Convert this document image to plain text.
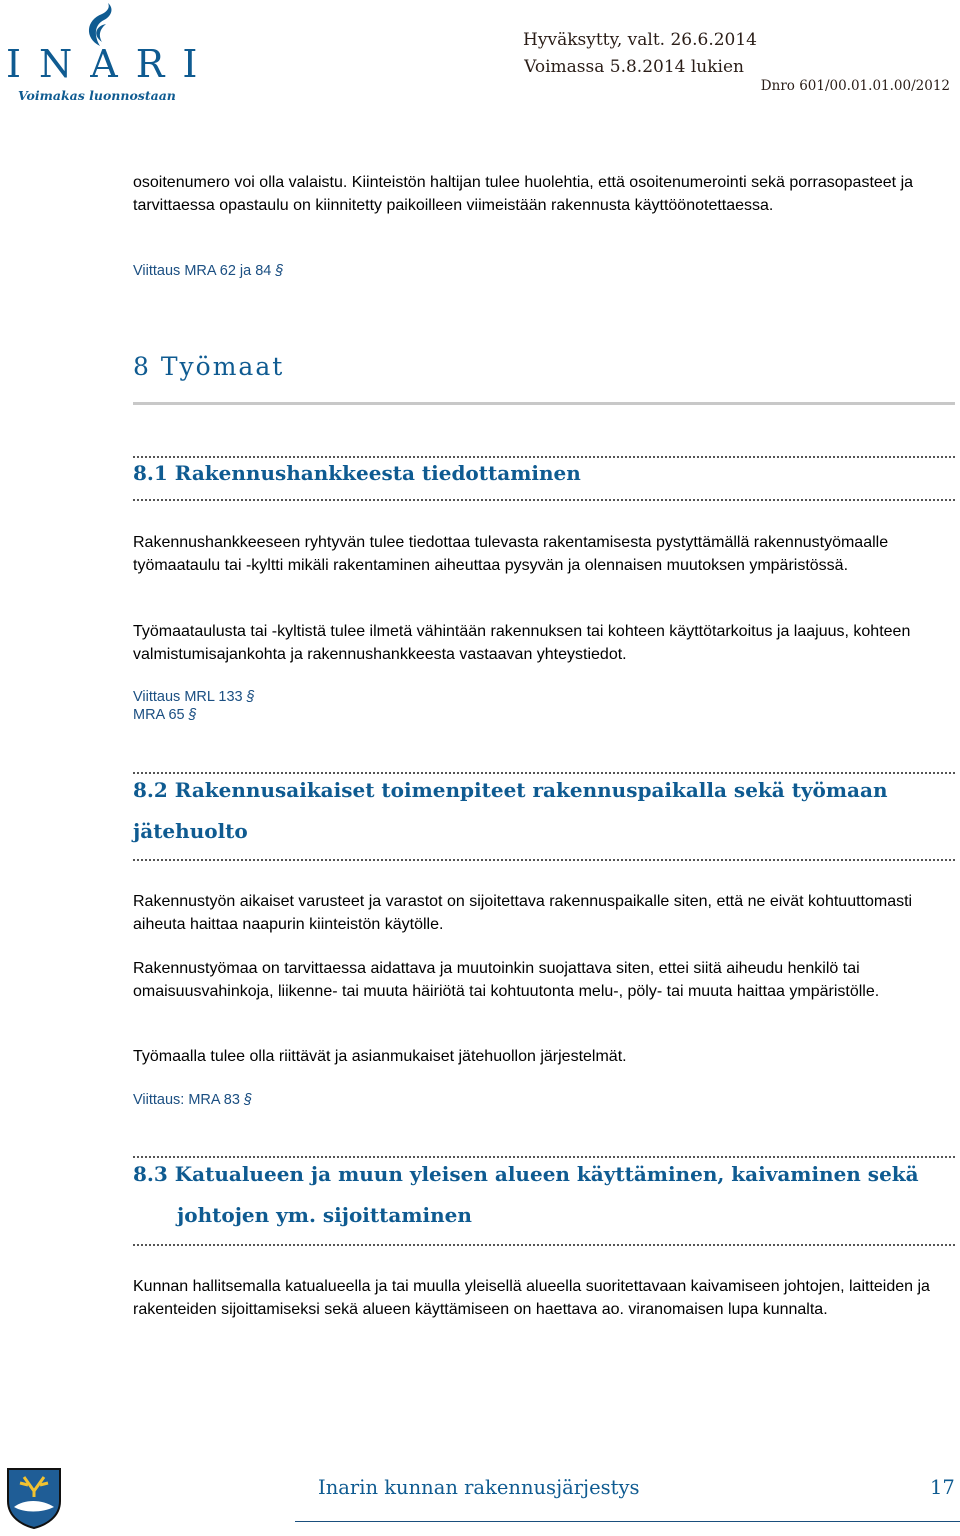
INARI
Voimakas luonnostaan
Hyväksytty, valt. 26.6.2014
Voimassa 5.8.2014 lukien
Dnro 601/00.01.01.00/2012

osoitenumero voi olla valaistu. Kiinteistön haltijan tulee huolehtia, että osoitenumerointi sekä porrasopasteet ja tarvittaessa opastaulu on kiinnitetty paikoilleen viimeistään rakennusta käyttöönotettaessa.

Viittaus MRA 62 ja 84 §
8 Työmaat
8.1 Rakennushankkeesta tiedottaminen

Rakennushankkeeseen ryhtyvän tulee tiedottaa tulevasta rakentamisesta pystyttämällä rakennustyömaalle työmaataulu tai -kyltti mikäli rakentaminen aiheuttaa pysyvän ja olennaisen muutoksen ympäristössä.

Työmaataulusta tai -kyltistä tulee ilmetä vähintään rakennuksen tai kohteen käyttötarkoitus ja laajuus, kohteen valmistumisajankohta ja rakennushankkeesta vastaavan yhteystiedot.

Viittaus MRL 133 §
MRA 65 §
8.2 Rakennusaikaiset toimenpiteet rakennuspaikalla sekä työmaan
jätehuolto

Rakennustyön aikaiset varusteet ja varastot on sijoitettava rakennuspaikalle siten, että ne eivät kohtuuttomasti aiheuta haittaa naapurin kiinteistön käytölle.

Rakennustyömaa on tarvittaessa aidattava ja muutoinkin suojattava siten, ettei siitä aiheudu henkilö tai omaisuusvahinkoja, liikenne- tai muuta häiriötä tai kohtuutonta melu-, pöly- tai muuta haittaa ympäristölle.

Työmaalla tulee olla riittävät ja asianmukaiset jätehuollon järjestelmät.

Viittaus: MRA 83 §
8.3 Katualueen ja muun yleisen alueen käyttäminen, kaivaminen sekä
johtojen ym. sijoittaminen

Kunnan hallitsemalla katualueella ja tai muulla yleisellä alueella suoritettavaan kaivamiseen johtojen, laitteiden ja rakenteiden sijoittamiseksi sekä alueen käyttämiseen on haettava ao. viranomaisen lupa kunnalta.

Inarin kunnan rakennusjärjestys	17
